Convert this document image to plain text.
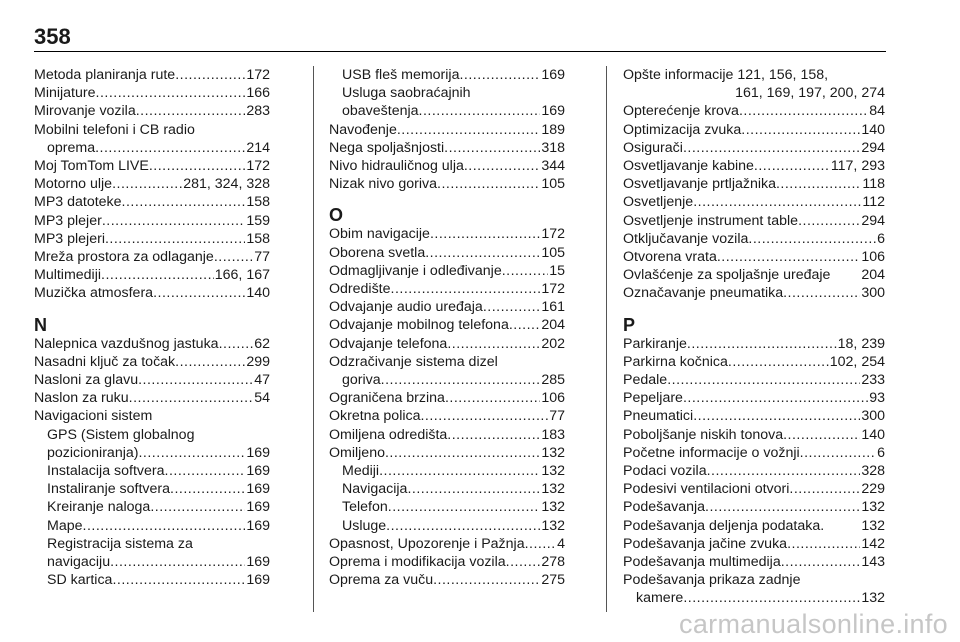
358
Metoda planiranja rute .....	172
Minijature .....	166
Mirovanje vozila .....	283
Mobilni telefoni i CB radio
oprema .....	214
Moj TomTom LIVE .....	172
Motorno ulje .....	281, 324, 328
MP3 datoteke .....	158
MP3 plejer .....	159
MP3 plejeri .....	158
Mreža prostora za odlaganje .....	77
Multimediji .....	166, 167
Muzička atmosfera .....	140
N
Nalepnica vazdušnog jastuka .....	62
Nasadni ključ za točak .....	299
Nasloni za glavu .....	47
Naslon za ruku .....	54
Navigacioni sistem
GPS (Sistem globalnog
pozicioniranja) .....	169
Instalacija softvera .....	169
Instaliranje softvera .....	169
Kreiranje naloga .....	169
Mape .....	169
Registracija sistema za
navigaciju .....	169
SD kartica .....	169
USB fleš memorija .....	169
Usluga saobraćajnih
obaveštenja .....	169
Navođenje .....	189
Nega spoljašnjosti .....	318
Nivo hidrauličnog ulja .....	344
Nizak nivo goriva .....	105
O
Obim navigacije .....	172
Oborena svetla .....	105
Odmagljivanje i odleđivanje .....	15
Odredište .....	172
Odvajanje audio uređaja .....	161
Odvajanje mobilnog telefona ..... 204
Odvajanje telefona .....	202
Odzračivanje sistema dizel
goriva .....	285
Ograničena brzina .....	106
Okretna polica .....	77
Omiljena odredišta .....	183
Omiljeno .....	132
Mediji .....	132
Navigacija .....	132
Telefon .....	132
Usluge .....	132
Opasnost, Upozorenje i Pažnja ..... 4
Oprema i modifikacija vozila .....	278
Oprema za vuču .....	275
Opšte informacije 121, 156, 158,
161, 169, 197, 200, 274
Opterećenje krova .....	84
Optimizacija zvuka .....	140
Osigurači .....	294
Osvetljavanje kabine .....	117, 293
Osvetljavanje prtljažnika .....	118
Osvetljenje .....	112
Osvetljenje instrument table .....	294
Otključavanje vozila .....	6
Otvorena vrata .....	106
Ovlašćenje za spoljašnje uređaje 204
Označavanje pneumatika .....	300
P
Parkiranje .....	18, 239
Parkirna kočnica .....	102, 254
Pedale .....	233
Pepeljare .....	93
Pneumatici .....	300
Poboljšanje niskih tonova .....	140
Početne informacije o vožnji .....	6
Podaci vozila .....	328
Podesivi ventilacioni otvori .....	229
Podešavanja .....	132
Podešavanja deljenja podataka.	132
Podešavanja jačine zvuka .....	142
Podešavanja multimedija .....	143
Podešavanja prikaza zadnje
kamere .....	132
carmanualsonline.info
